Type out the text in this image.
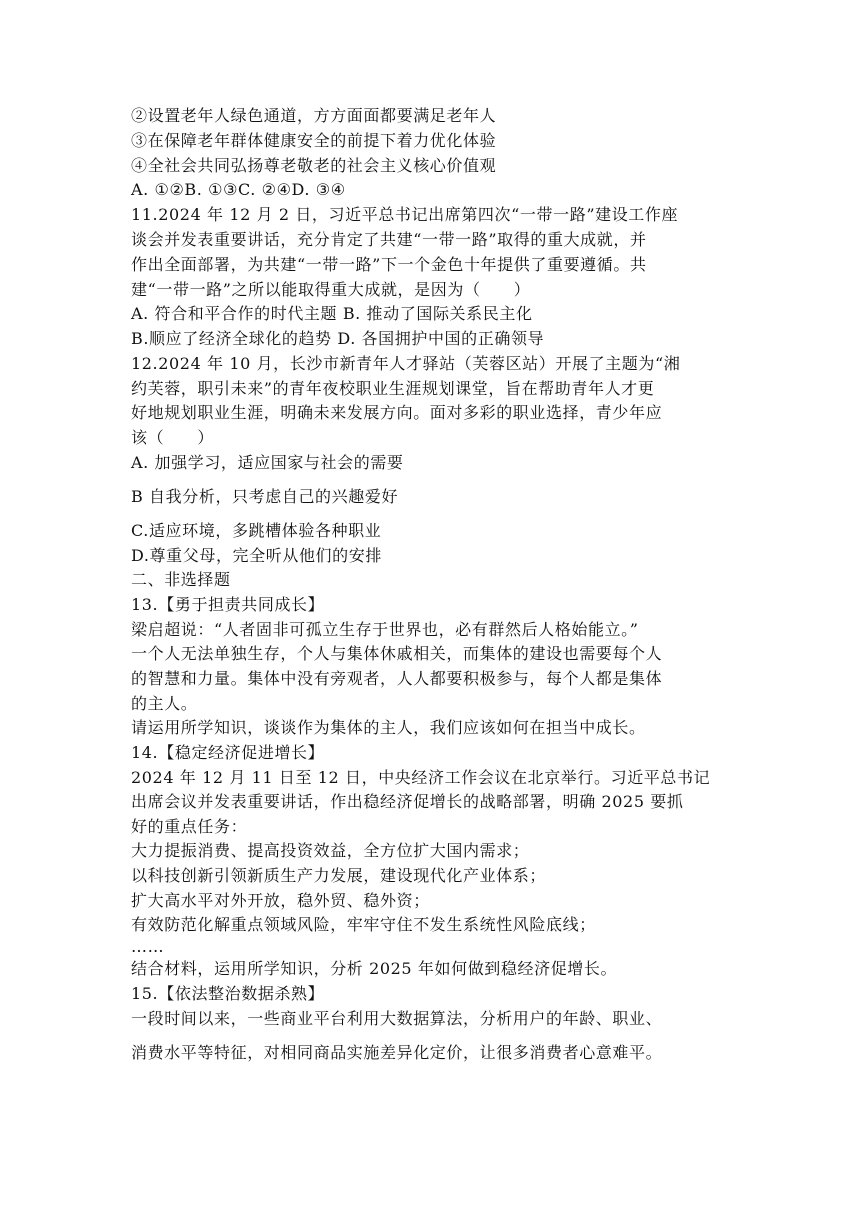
②设置老年人绿色通道，方方面面都要满足老年人
③在保障老年群体健康安全的前提下着力优化体验
④全社会共同弘扬尊老敬老的社会主义核心价值观
A. ①②B. ①③C. ②④D. ③④
11.2024 年 12 月 2 日，习近平总书记出席第四次“一带一路”建设工作座
谈会并发表重要讲话，充分肯定了共建“一带一路”取得的重大成就，并
作出全面部署，为共建“一带一路”下一个金色十年提供了重要遵循。共
建“一带一路”之所以能取得重大成就，是因为（　　）
A. 符合和平合作的时代主题 B. 推动了国际关系民主化
B.顺应了经济全球化的趋势 D. 各国拥护中国的正确领导
12.2024 年 10 月，长沙市新青年人才驿站（芙蓉区站）开展了主题为“湘
约芙蓉，职引未来”的青年夜校职业生涯规划课堂，旨在帮助青年人才更
好地规划职业生涯，明确未来发展方向。面对多彩的职业选择，青少年应
该（　　）
A. 加强学习，适应国家与社会的需要
B 自我分析，只考虑自己的兴趣爱好
C.适应环境，多跳槽体验各种职业
D.尊重父母，完全听从他们的安排
二、非选择题
13.【勇于担责共同成长】
梁启超说：“人者固非可孤立生存于世界也，必有群然后人格始能立。”
一个人无法单独生存，个人与集体休戚相关，而集体的建设也需要每个人
的智慧和力量。集体中没有旁观者，人人都要积极参与，每个人都是集体
的主人。
请运用所学知识，谈谈作为集体的主人，我们应该如何在担当中成长。
14.【稳定经济促进增长】
2024 年 12 月 11 日至 12 日，中央经济工作会议在北京举行。习近平总书记
出席会议并发表重要讲话，作出稳经济促增长的战略部署，明确 2025 要抓
好的重点任务：
大力提振消费、提高投资效益，全方位扩大国内需求；
以科技创新引领新质生产力发展，建设现代化产业体系；
扩大高水平对外开放，稳外贸、稳外资；
有效防范化解重点领域风险，牢牢守住不发生系统性风险底线；
……
结合材料，运用所学知识，分析 2025 年如何做到稳经济促增长。
15.【依法整治数据杀熟】
一段时间以来，一些商业平台利用大数据算法，分析用户的年龄、职业、
消费水平等特征，对相同商品实施差异化定价，让很多消费者心意难平。
